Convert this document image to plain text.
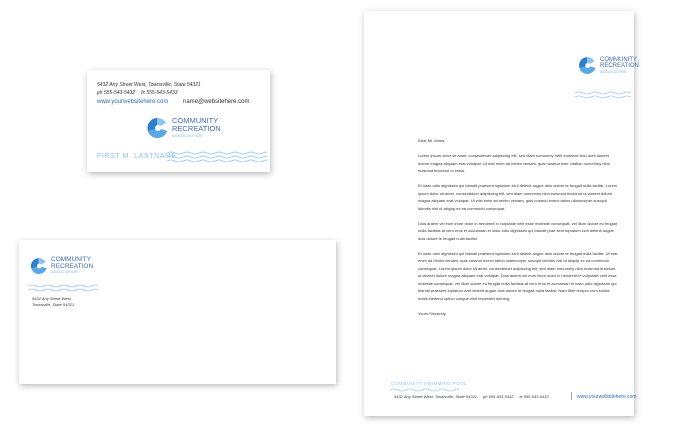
5432 Any Street West, Townsville, State 54321
ph 555-543-5432 fx 555-543-5433
www.yourwebsitehere.com name@websitehere.com
COMMUNITY
RECREATION
ASSOCIATION
FIRST M. LASTNAME
COMMUNITY
RECREATION
ASSOCIATION
5432 Any Street West
Townsville, State 54321
COMMUNITY
RECREATION
ASSOCIATION

Dear Mr Jones,

Lorem ipsum dolor sit amet, consectetuer adipiscing elit, sed diam nonummy nibh euismod tinci dunt laoreet dolore magna aliquam erat volutpat. Ut wisi enim ad minim veniam, quis nostrud exer citation nonummy nibh euismod tincidunt ut erata.

Et iusto odio dignissim qui blandit praesent luptatum zzril delenit augue duis dolore te feugait nulla facilisi. Lorem ipsum dolor sit amet, consectetuer adipiscing elit, sed diam nonummy nibh euismod tincidunt ut laoreet dolore magna aliquam erat volutpat. Ut wisi enim ad minim veniam, quis nostrud exerci tation ullamcorper suscipit lobortis nisl ut aliquip ex ea commodo consequat.

Duis autem vel eum iriure dolor in hendrerit in vulputate velit esse molestie consequat, vel illum dolore eu feugiat nulla facilisis at vero eros et accumsan et iusto odio dignissim qui blandit prae sent luptatum zzril delenit augue duis dolore te feugait nulla facilisi.

Et iusto odio dignissim qui blandit praesent luptatum zzril delenit augue duis dolore te feugait nulla facilisi. Ut wisi enim ad minim veniam, quis nostrud exerci tation ullamcorper suscipit lobortis nisl ut aliquip ex ea commodo consequat. Lorem ipsum dolor sit amet, consectetuer adipiscing elit, sed diam nonummy nibh euismod tincidunt ut laoreet dolore magna aliquam erat volutpat. Duis autem vel eum iriure dolor in hendrerit in vulputate velit esse molestie consequat, vel illum dolore eu feugiat nulla facilisis at vero eros et accumsan et iusto odio dignissim qui blandit praesent luptatum zzril delenit augue duis dolore te feugait nulla facilisi. Nam liber tempor cum soluta nobis eleifend option congue nihil imperdiet doming.

Yours Sincerely,

COMMUNITY SWIMMING POOL
5432 Any Street West, Townsville, State 54321 ph 555-543-5432 fx 555-543-5433	www.yourwebsitehere.com
